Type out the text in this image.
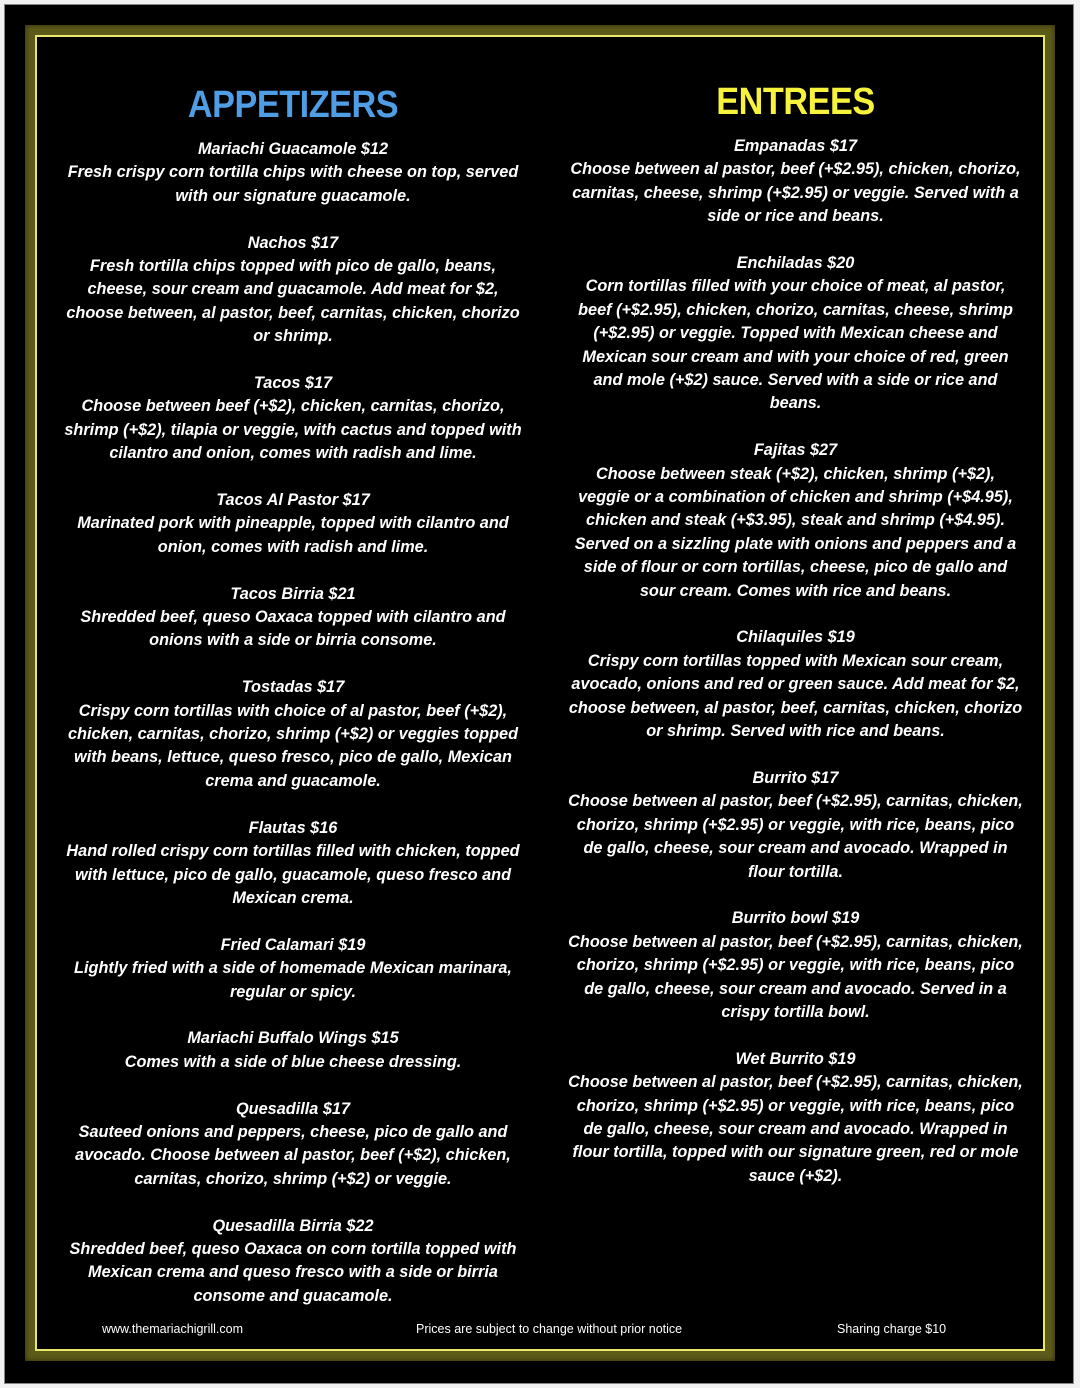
APPETIZERS
Mariachi Guacamole $12
Fresh crispy corn tortilla chips with cheese on top, served with our signature guacamole.
Nachos $17
Fresh tortilla chips topped with pico de gallo, beans, cheese, sour cream and guacamole. Add meat for $2, choose between, al pastor, beef, carnitas, chicken, chorizo or shrimp.
Tacos $17
Choose between beef (+$2), chicken, carnitas, chorizo, shrimp (+$2), tilapia or veggie, with cactus and topped with cilantro and onion, comes with radish and lime.
Tacos Al Pastor $17
Marinated pork with pineapple, topped with cilantro and onion, comes with radish and lime.
Tacos Birria $21
Shredded beef, queso Oaxaca topped with cilantro and onions with a side or birria consome.
Tostadas $17
Crispy corn tortillas with choice of al pastor, beef (+$2), chicken, carnitas, chorizo, shrimp (+$2) or veggies topped with beans, lettuce, queso fresco, pico de gallo, Mexican crema and guacamole.
Flautas $16
Hand rolled crispy corn tortillas filled with chicken, topped with lettuce, pico de gallo, guacamole, queso fresco and Mexican crema.
Fried Calamari $19
Lightly fried with a side of homemade Mexican marinara, regular or spicy.
Mariachi Buffalo Wings $15
Comes with a side of blue cheese dressing.
Quesadilla $17
Sauteed onions and peppers, cheese, pico de gallo and avocado. Choose between al pastor, beef (+$2), chicken, carnitas, chorizo, shrimp (+$2) or veggie.
Quesadilla Birria $22
Shredded beef, queso Oaxaca on corn tortilla topped with Mexican crema and queso fresco with a side or birria consome and guacamole.
ENTREES
Empanadas $17
Choose between al pastor, beef (+$2.95), chicken, chorizo, carnitas, cheese, shrimp (+$2.95) or veggie. Served with a side or rice and beans.
Enchiladas $20
Corn tortillas filled with your choice of meat, al pastor, beef (+$2.95), chicken, chorizo, carnitas, cheese, shrimp (+$2.95) or veggie. Topped with Mexican cheese and Mexican sour cream and with your choice of red, green and mole (+$2) sauce. Served with a side or rice and beans.
Fajitas $27
Choose between steak (+$2), chicken, shrimp (+$2), veggie or a combination of chicken and shrimp (+$4.95), chicken and steak (+$3.95), steak and shrimp (+$4.95). Served on a sizzling plate with onions and peppers and a side of flour or corn tortillas, cheese, pico de gallo and sour cream. Comes with rice and beans.
Chilaquiles $19
Crispy corn tortillas topped with Mexican sour cream, avocado, onions and red or green sauce. Add meat for $2, choose between, al pastor, beef, carnitas, chicken, chorizo or shrimp. Served with rice and beans.
Burrito $17
Choose between al pastor, beef (+$2.95), carnitas, chicken, chorizo, shrimp (+$2.95) or veggie, with rice, beans, pico de gallo, cheese, sour cream and avocado. Wrapped in flour tortilla.
Burrito bowl $19
Choose between al pastor, beef (+$2.95), carnitas, chicken, chorizo, shrimp (+$2.95) or veggie, with rice, beans, pico de gallo, cheese, sour cream and avocado. Served in a crispy tortilla bowl.
Wet Burrito $19
Choose between al pastor, beef (+$2.95), carnitas, chicken, chorizo, shrimp (+$2.95) or veggie, with rice, beans, pico de gallo, cheese, sour cream and avocado. Wrapped in flour tortilla, topped with our signature green, red or mole sauce (+$2).
www.themariachigrill.com	Prices are subject to change without prior notice	Sharing charge $10
